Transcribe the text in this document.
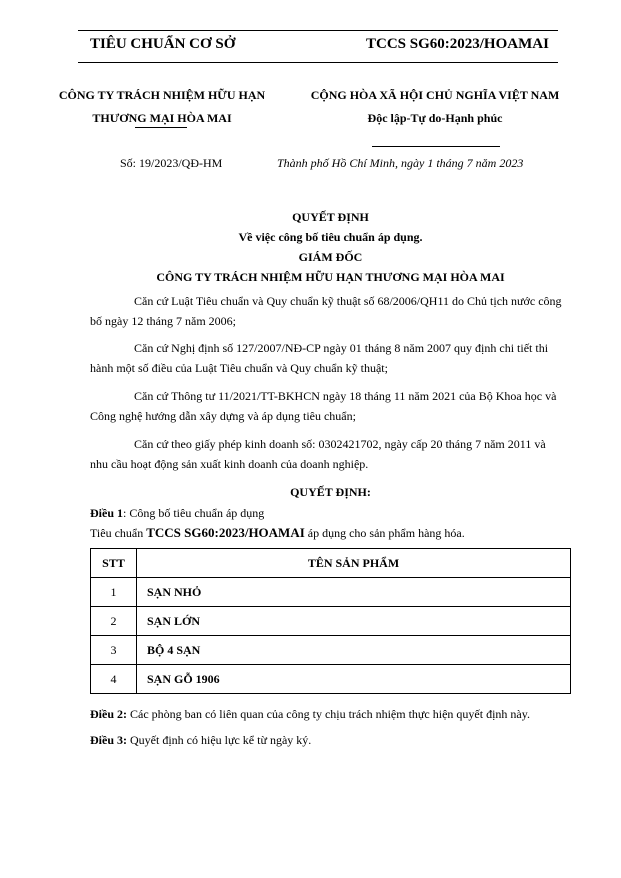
TIÊU CHUẨN CƠ SỞ	TCCS SG60:2023/HOAMAI
CÔNG TY TRÁCH NHIỆM HỮU HẠN
THƯƠNG MẠI HÒA MAI
CỘNG HÒA XÃ HỘI CHỦ NGHĨA VIỆT NAM
Độc lập-Tự do-Hạnh phúc
Số: 19/2023/QĐ-HM	Thành phố Hồ Chí Minh, ngày 1 tháng 7 năm 2023
QUYẾT ĐỊNH
Về việc công bố tiêu chuẩn áp dụng.
GIÁM ĐỐC
CÔNG TY TRÁCH NHIỆM HỮU HẠN THƯƠNG MẠI HÒA MAI
Căn cứ Luật Tiêu chuẩn và Quy chuẩn kỹ thuật số 68/2006/QH11 do Chủ tịch nước công bố ngày 12 tháng 7 năm 2006;
Căn cứ Nghị định số 127/2007/NĐ-CP ngày 01 tháng 8 năm 2007 quy định chi tiết thi hành một số điều của Luật Tiêu chuẩn và Quy chuẩn kỹ thuật;
Căn cứ Thông tư 11/2021/TT-BKHCN ngày 18 tháng 11 năm 2021 của Bộ Khoa học và Công nghệ hướng dẫn xây dựng và áp dụng tiêu chuẩn;
Căn cứ theo giấy phép kinh doanh số: 0302421702, ngày cấp 20 tháng 7 năm 2011 và nhu cầu hoạt động sản xuất kinh doanh của doanh nghiệp.
QUYẾT ĐỊNH:
Điều 1: Công bố tiêu chuẩn áp dụng
Tiêu chuẩn TCCS SG60:2023/HOAMAI áp dụng cho sản phẩm hàng hóa.
STT	TÊN SẢN PHẨM
1	SẠN NHỎ
2	SẠN LỚN
3	BỘ 4 SẠN
4	SẠN GỖ 1906
Điều 2: Các phòng ban có liên quan của công ty chịu trách nhiệm thực hiện quyết định này.
Điều 3: Quyết định có hiệu lực kể từ ngày ký.
